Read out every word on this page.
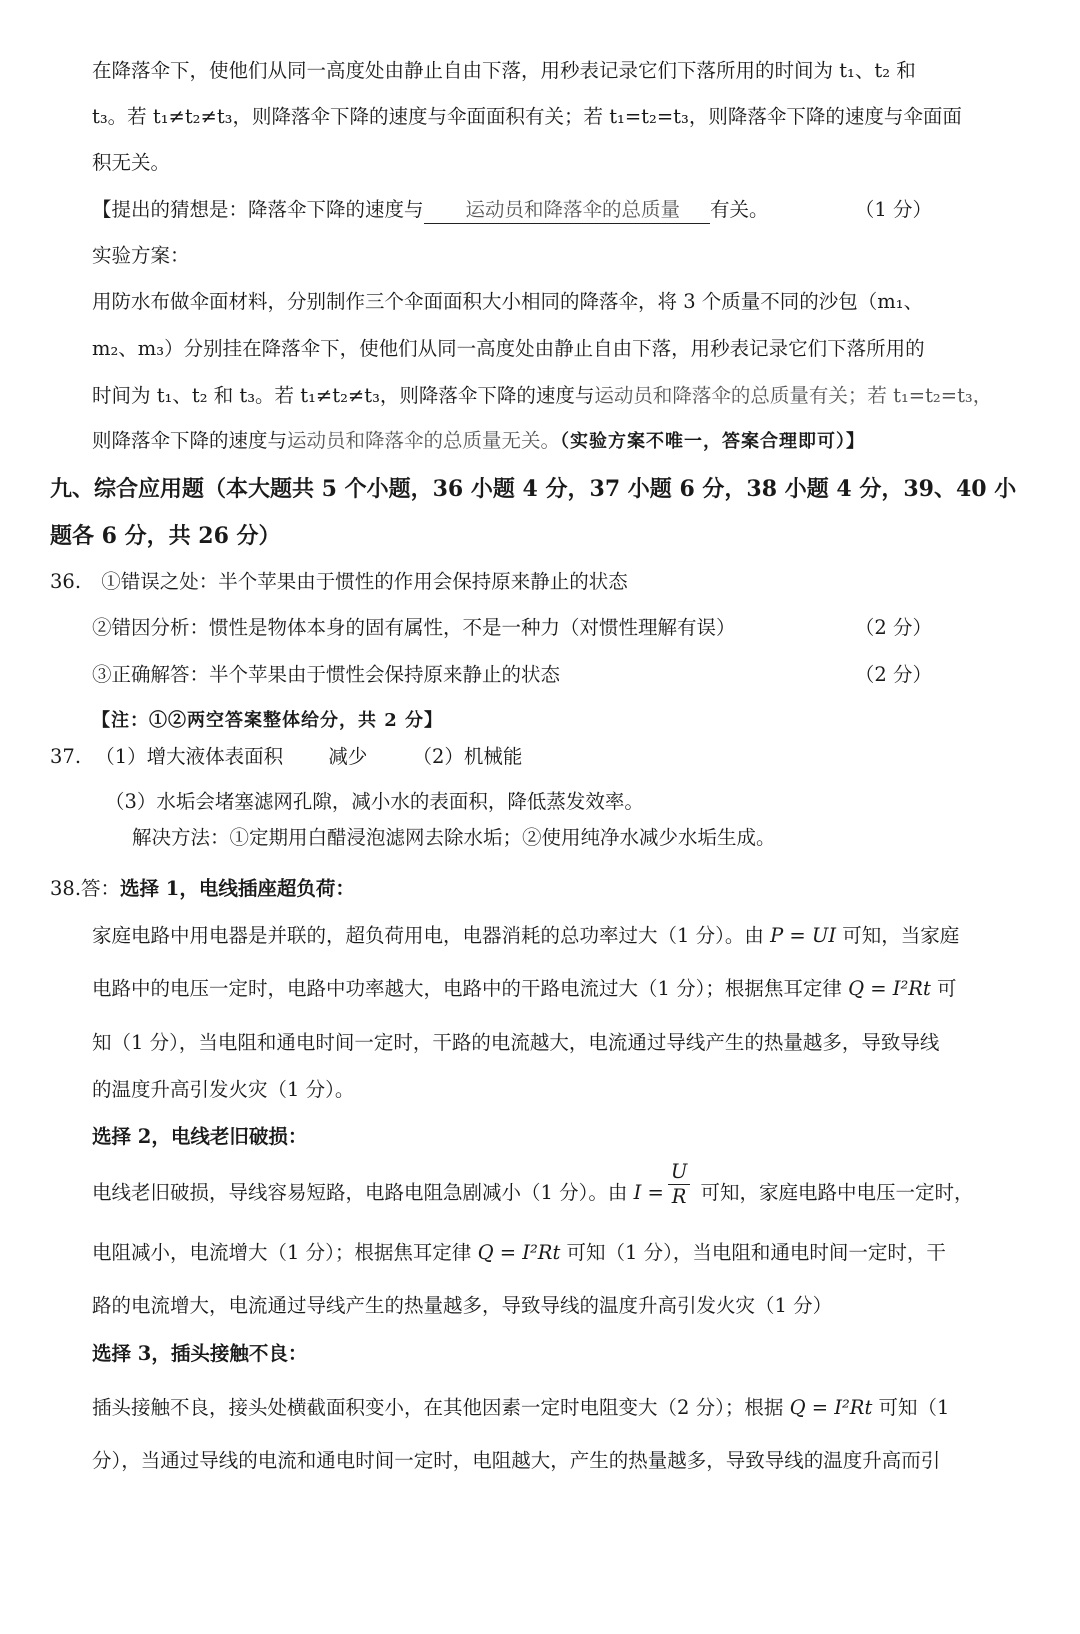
在降落伞下，使他们从同一高度处由静止自由下落，用秒表记录它们下落所用的时间为 t₁、t₂ 和
t₃。若 t₁≠t₂≠t₃，则降落伞下降的速度与伞面面积有关；若 t₁=t₂=t₃，则降落伞下降的速度与伞面面
积无关。
【提出的猜想是：降落伞下降的速度与 运动员和降落伞的总质量 有关。	（1 分）
实验方案：
用防水布做伞面材料，分别制作三个伞面面积大小相同的降落伞，将 3 个质量不同的沙包（m₁、
m₂、m₃）分别挂在降落伞下，使他们从同一高度处由静止自由下落，用秒表记录它们下落所用的
时间为 t₁、t₂ 和 t₃。若 t₁≠t₂≠t₃，则降落伞下降的速度与运动员和降落伞的总质量有关；若 t₁=t₂=t₃，
则降落伞下降的速度与运动员和降落伞的总质量无关。（实验方案不唯一，答案合理即可）】
九、综合应用题（本大题共 5 个小题，36 小题 4 分，37 小题 6 分，38 小题 4 分，39、40 小
题各 6 分，共 26 分）
36. ①错误之处：半个苹果由于惯性的作用会保持原来静止的状态
②错因分析：惯性是物体本身的固有属性，不是一种力（对惯性理解有误）	（2 分）
③正确解答：半个苹果由于惯性会保持原来静止的状态	（2 分）
【注：①②两空答案整体给分，共 2 分】
37. （1）增大液体表面积　　 减少　　 （2）机械能
（3）水垢会堵塞滤网孔隙，减小水的表面积，降低蒸发效率。
解决方法：①定期用白醋浸泡滤网去除水垢；②使用纯净水减少水垢生成。
38.答：选择 1，电线插座超负荷：
家庭电路中用电器是并联的，超负荷用电，电器消耗的总功率过大（1 分）。由 P = UI 可知，当家庭
电路中的电压一定时，电路中功率越大，电路中的干路电流过大（1 分）；根据焦耳定律 Q = I²Rt 可
知（1 分），当电阻和通电时间一定时，干路的电流越大，电流通过导线产生的热量越多，导致导线
的温度升高引发火灾（1 分）。
选择 2，电线老旧破损：
电线老旧破损，导线容易短路，电路电阻急剧减小（1 分）。由 $I = \frac{U}{R}$ 可知，家庭电路中电压一定时，
电阻减小，电流增大（1 分）；根据焦耳定律 Q = I²Rt 可知（1 分），当电阻和通电时间一定时，干
路的电流增大，电流通过导线产生的热量越多，导致导线的温度升高引发火灾（1 分）
选择 3，插头接触不良：
插头接触不良，接头处横截面积变小，在其他因素一定时电阻变大（2 分）；根据 Q = I²Rt 可知（1
分），当通过导线的电流和通电时间一定时，电阻越大，产生的热量越多，导致导线的温度升高而引
